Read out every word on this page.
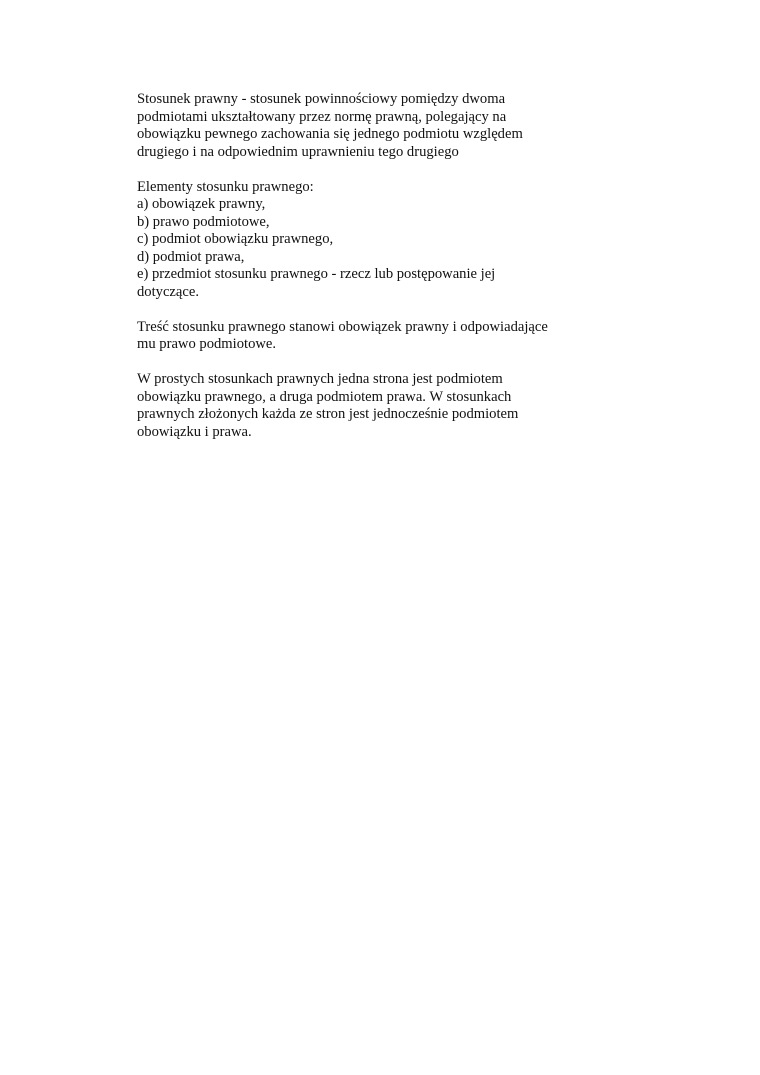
Stosunek prawny - stosunek powinnościowy pomiędzy dwoma
podmiotami ukształtowany przez normę prawną, polegający na
obowiązku pewnego zachowania się jednego podmiotu względem
drugiego i na odpowiednim uprawnieniu tego drugiego

Elementy stosunku prawnego:
a) obowiązek prawny,
b) prawo podmiotowe,
c) podmiot obowiązku prawnego,
d) podmiot prawa,
e) przedmiot stosunku prawnego - rzecz lub postępowanie jej
dotyczące.

Treść stosunku prawnego stanowi obowiązek prawny i odpowiadające
mu prawo podmiotowe.

W prostych stosunkach prawnych jedna strona jest podmiotem
obowiązku prawnego, a druga podmiotem prawa. W stosunkach
prawnych złożonych każda ze stron jest jednocześnie podmiotem
obowiązku i prawa.
